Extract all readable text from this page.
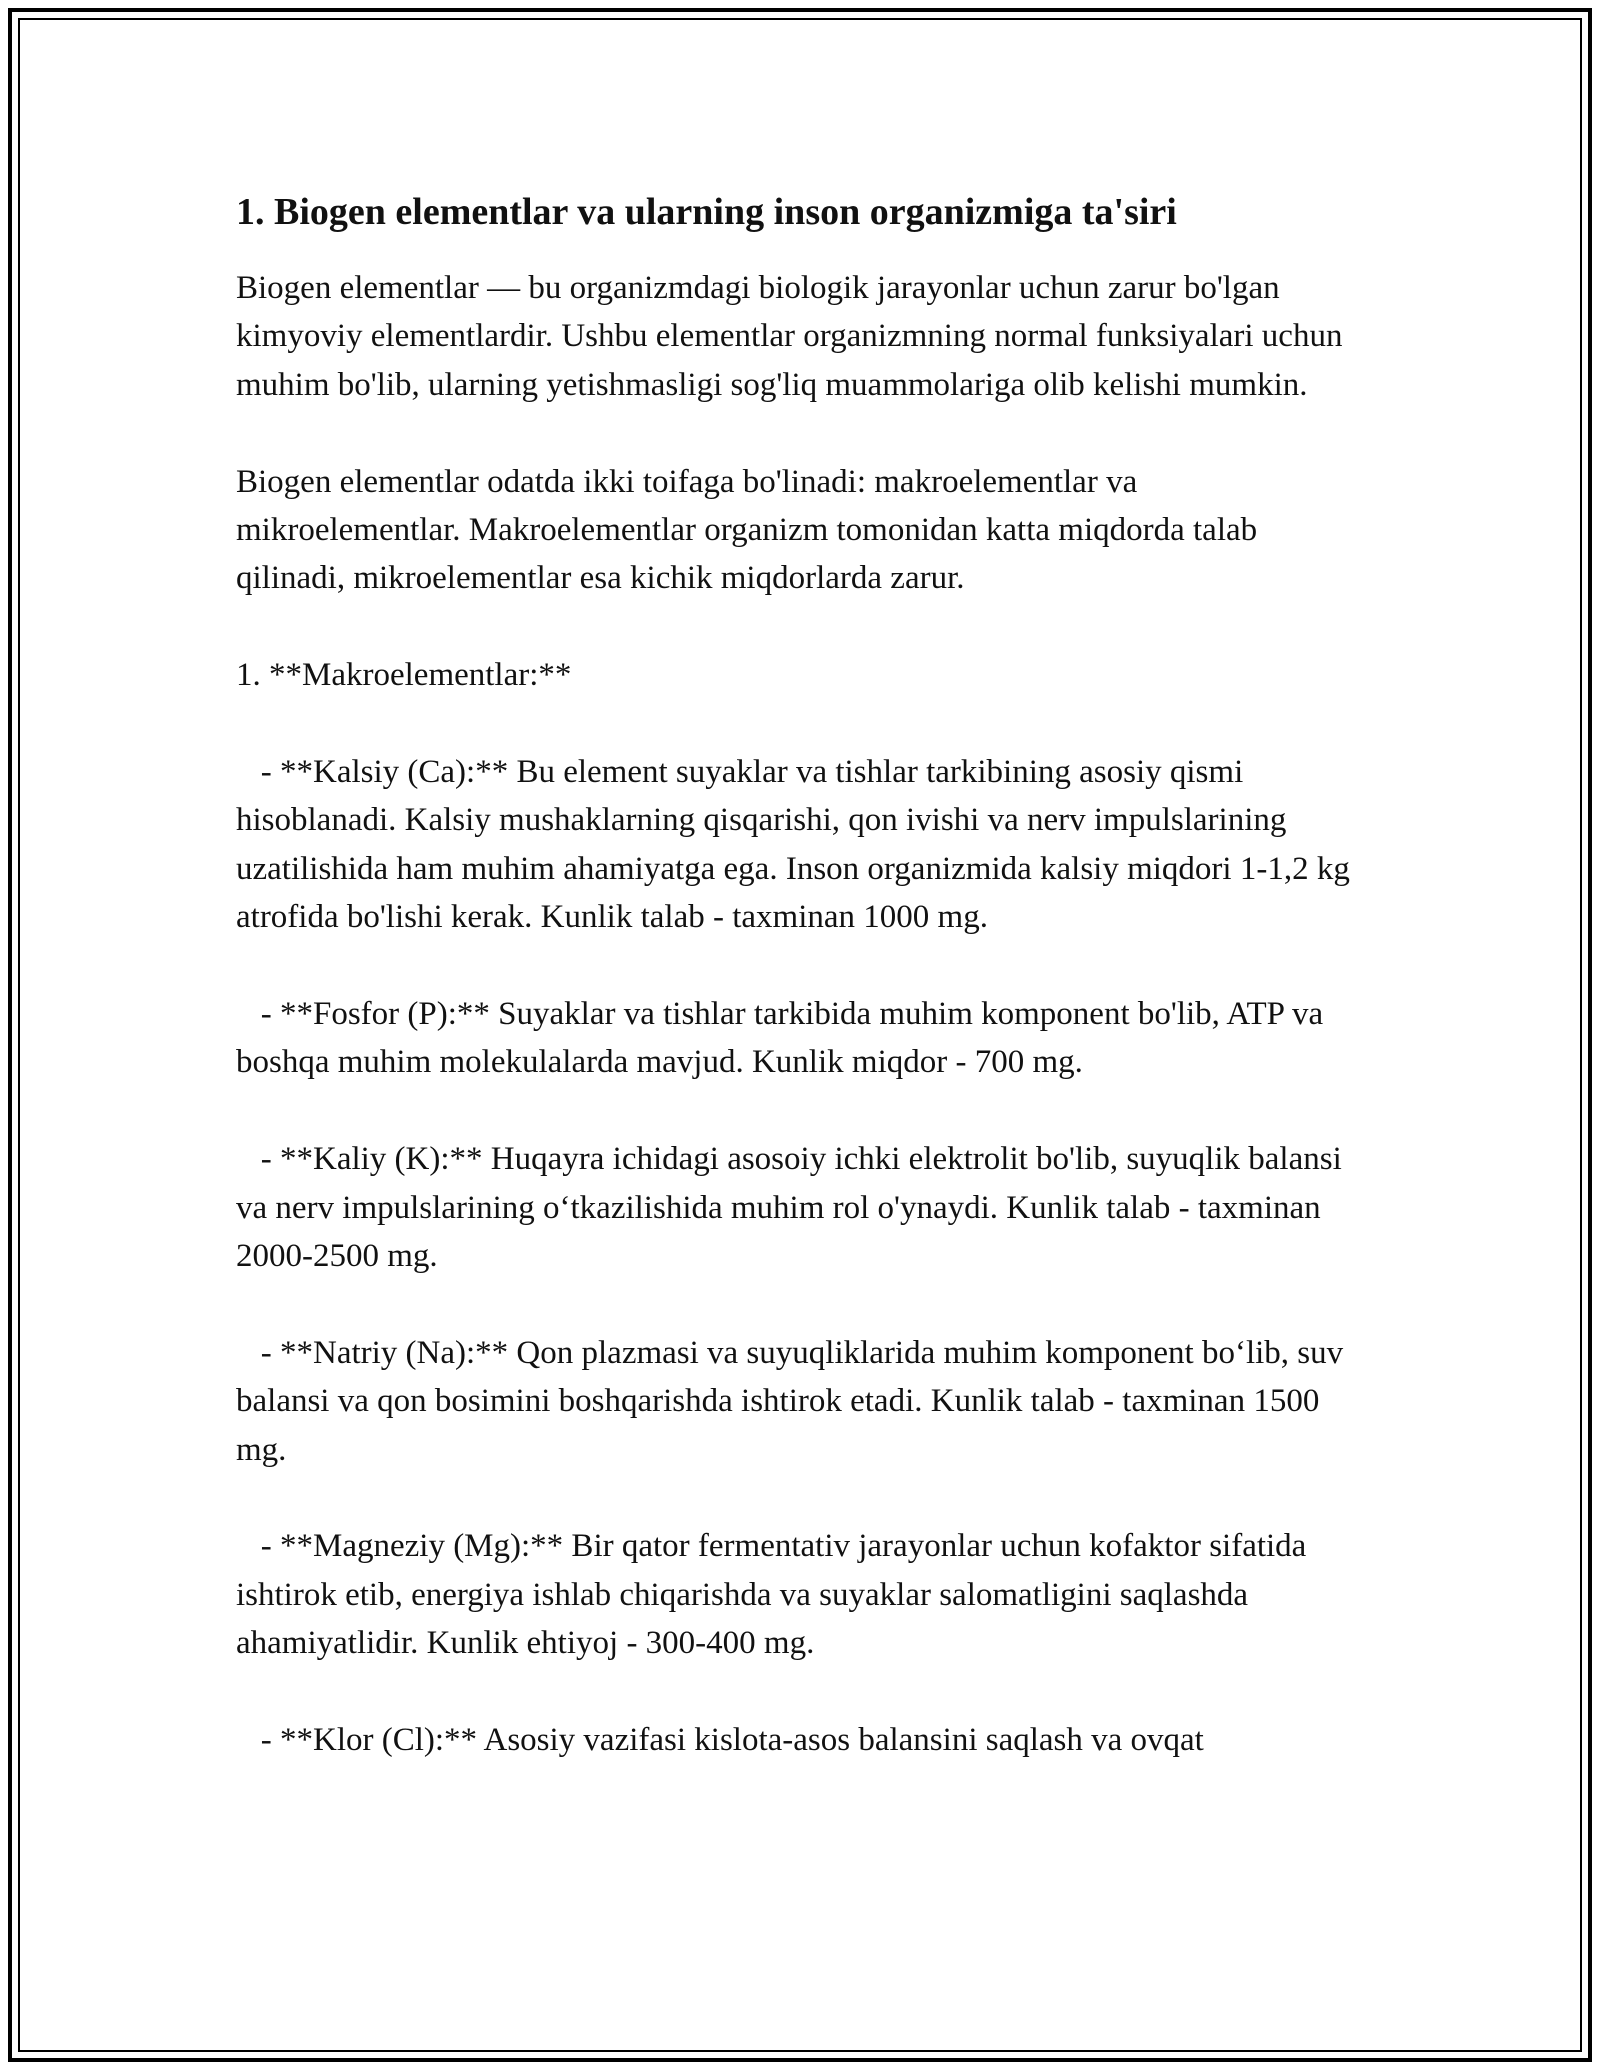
1. Biogen elementlar va ularning inson organizmiga ta'siri

Biogen elementlar — bu organizmdagi biologik jarayonlar uchun zarur bo'lgan kimyoviy elementlardir. Ushbu elementlar organizmning normal funksiyalari uchun muhim bo'lib, ularning yetishmasligi sog'liq muammolariga olib kelishi mumkin.

Biogen elementlar odatda ikki toifaga bo'linadi: makroelementlar va mikroelementlar. Makroelementlar organizm tomonidan katta miqdorda talab qilinadi, mikroelementlar esa kichik miqdorlarda zarur.

1. **Makroelementlar:**

- **Kalsiy (Ca):** Bu element suyaklar va tishlar tarkibining asosiy qismi hisoblanadi. Kalsiy mushaklarning qisqarishi, qon ivishi va nerv impulslarining uzatilishida ham muhim ahamiyatga ega. Inson organizmida kalsiy miqdori 1-1,2 kg atrofida bo'lishi kerak. Kunlik talab - taxminan 1000 mg.

- **Fosfor (P):** Suyaklar va tishlar tarkibida muhim komponent bo'lib, ATP va boshqa muhim molekulalarda mavjud. Kunlik miqdor - 700 mg.

- **Kaliy (K):** Huqayra ichidagi asosoiy ichki elektrolit bo'lib, suyuqlik balansi va nerv impulslarining o‘tkazilishida muhim rol o'ynaydi. Kunlik talab - taxminan 2000-2500 mg.

- **Natriy (Na):** Qon plazmasi va suyuqliklarida muhim komponent bo‘lib, suv balansi va qon bosimini boshqarishda ishtirok etadi. Kunlik talab - taxminan 1500 mg.

- **Magneziy (Mg):** Bir qator fermentativ jarayonlar uchun kofaktor sifatida ishtirok etib, energiya ishlab chiqarishda va suyaklar salomatligini saqlashda ahamiyatlidir. Kunlik ehtiyoj - 300-400 mg.

- **Klor (Cl):** Asosiy vazifasi kislota-asos balansini saqlash va ovqat
